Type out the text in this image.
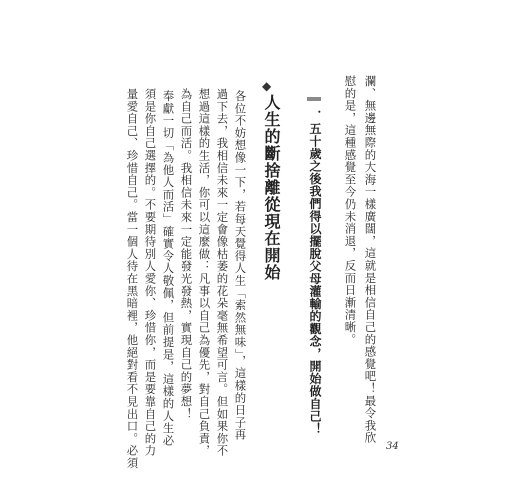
瀾、無邊無際的大海一樣廣闊，這就是相信自己的感覺吧！最令我欣
慰的是，這種感覺至今仍未消退，反而日漸清晰。
．五十歲之後我們得以擺脫父母灌輸的觀念，開始做自己！
◆
人生的斷捨離從現在開始
各位不妨想像一下，若每天覺得人生「索然無味」，這樣的日子再
過下去，我相信未來一定會像枯萎的花朵毫無希望可言。但如果你不
想過這樣的生活，你可以這麼做：凡事以自己為優先，對自己負責，
為自己而活。我相信未來一定能發光發熱，實現自己的夢想！
奉獻一切「為他人而活」確實令人敬佩，但前提是，這樣的人生必
須是你自己選擇的。不要期待別人愛你、珍惜你，而是要靠自己的力
量愛自己、珍惜自己。當一個人待在黑暗裡，他絕對看不見出口。必須	34
